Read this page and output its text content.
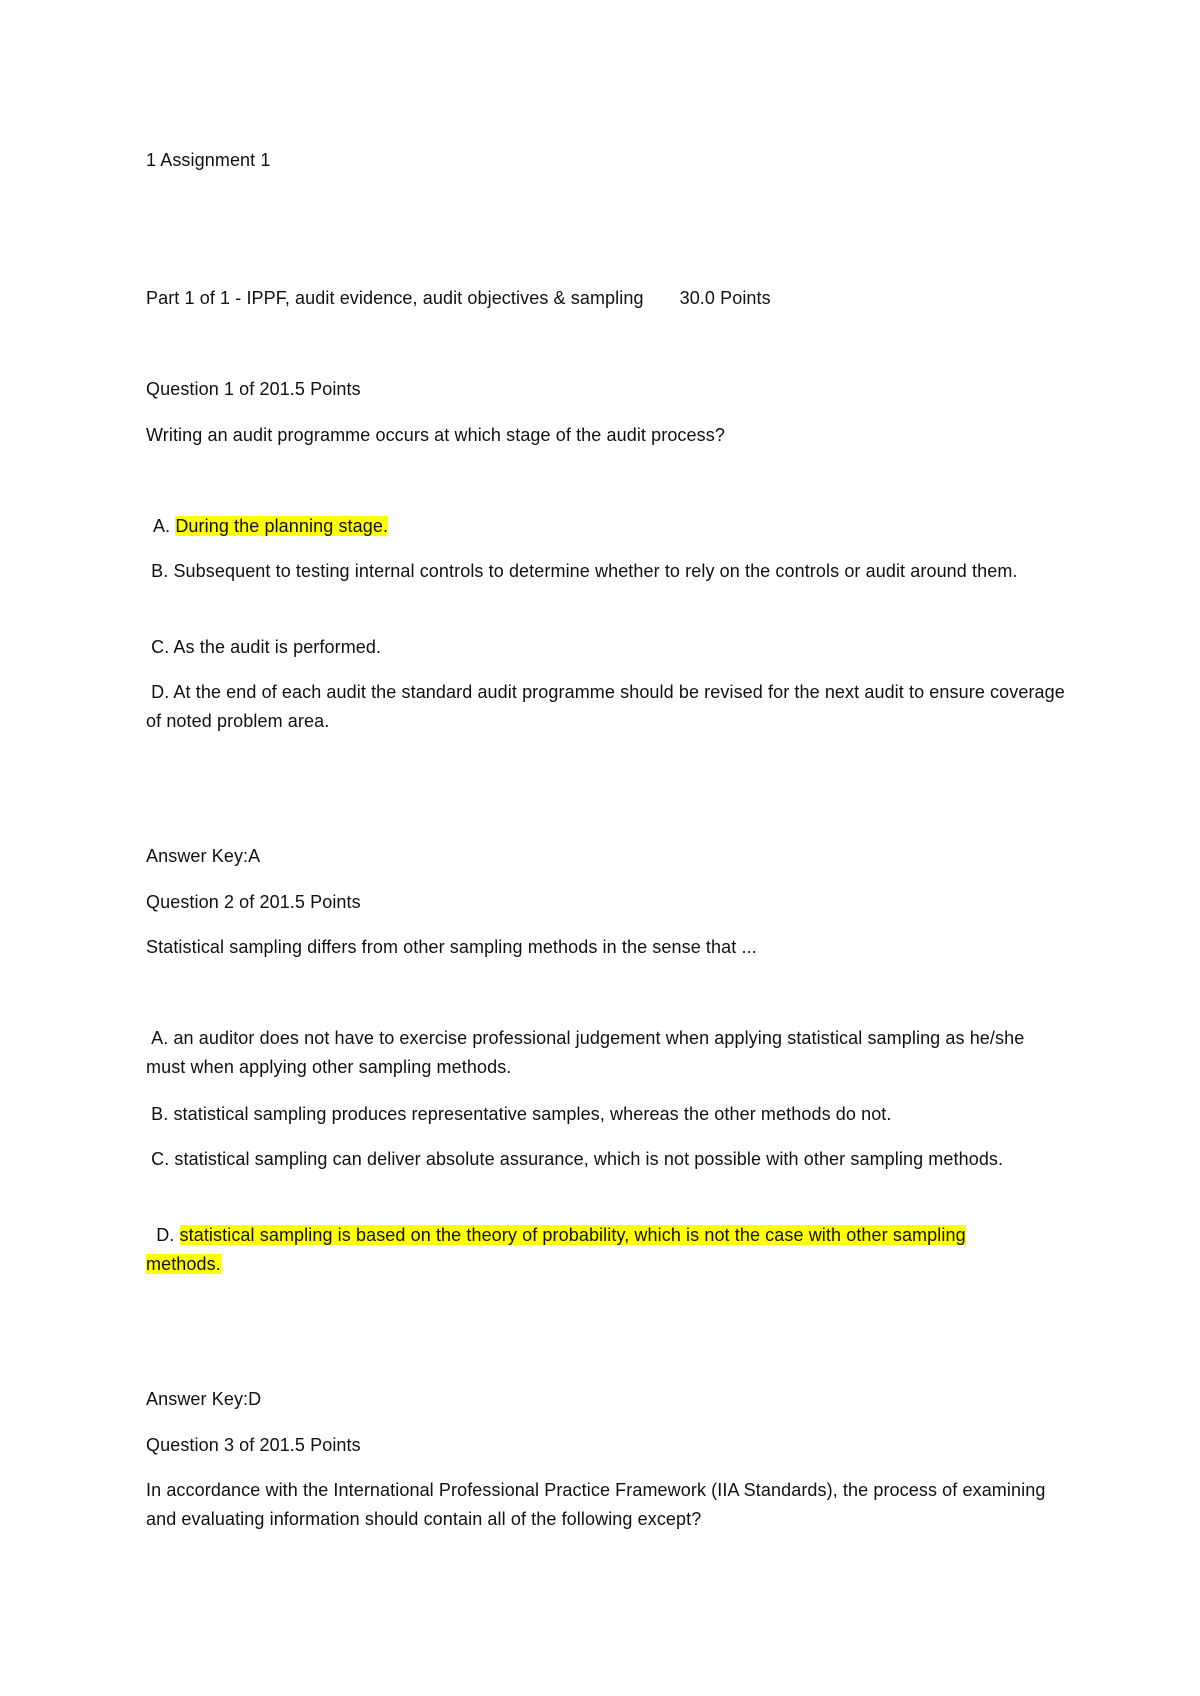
1 Assignment 1
Part 1 of 1 - IPPF, audit evidence, audit objectives & sampling 30.0 Points
Question 1 of 201.5 Points
Writing an audit programme occurs at which stage of the audit process?
A. During the planning stage.
B. Subsequent to testing internal controls to determine whether to rely on the controls or audit around them.
C. As the audit is performed.
D. At the end of each audit the standard audit programme should be revised for the next audit to ensure coverage of noted problem area.
Answer Key:A
Question 2 of 201.5 Points
Statistical sampling differs from other sampling methods in the sense that ...
A. an auditor does not have to exercise professional judgement when applying statistical sampling as he/she must when applying other sampling methods.
B. statistical sampling produces representative samples, whereas the other methods do not.
C. statistical sampling can deliver absolute assurance, which is not possible with other sampling methods.
D. statistical sampling is based on the theory of probability, which is not the case with other sampling methods.
Answer Key:D
Question 3 of 201.5 Points
In accordance with the International Professional Practice Framework (IIA Standards), the process of examining and evaluating information should contain all of the following except?
